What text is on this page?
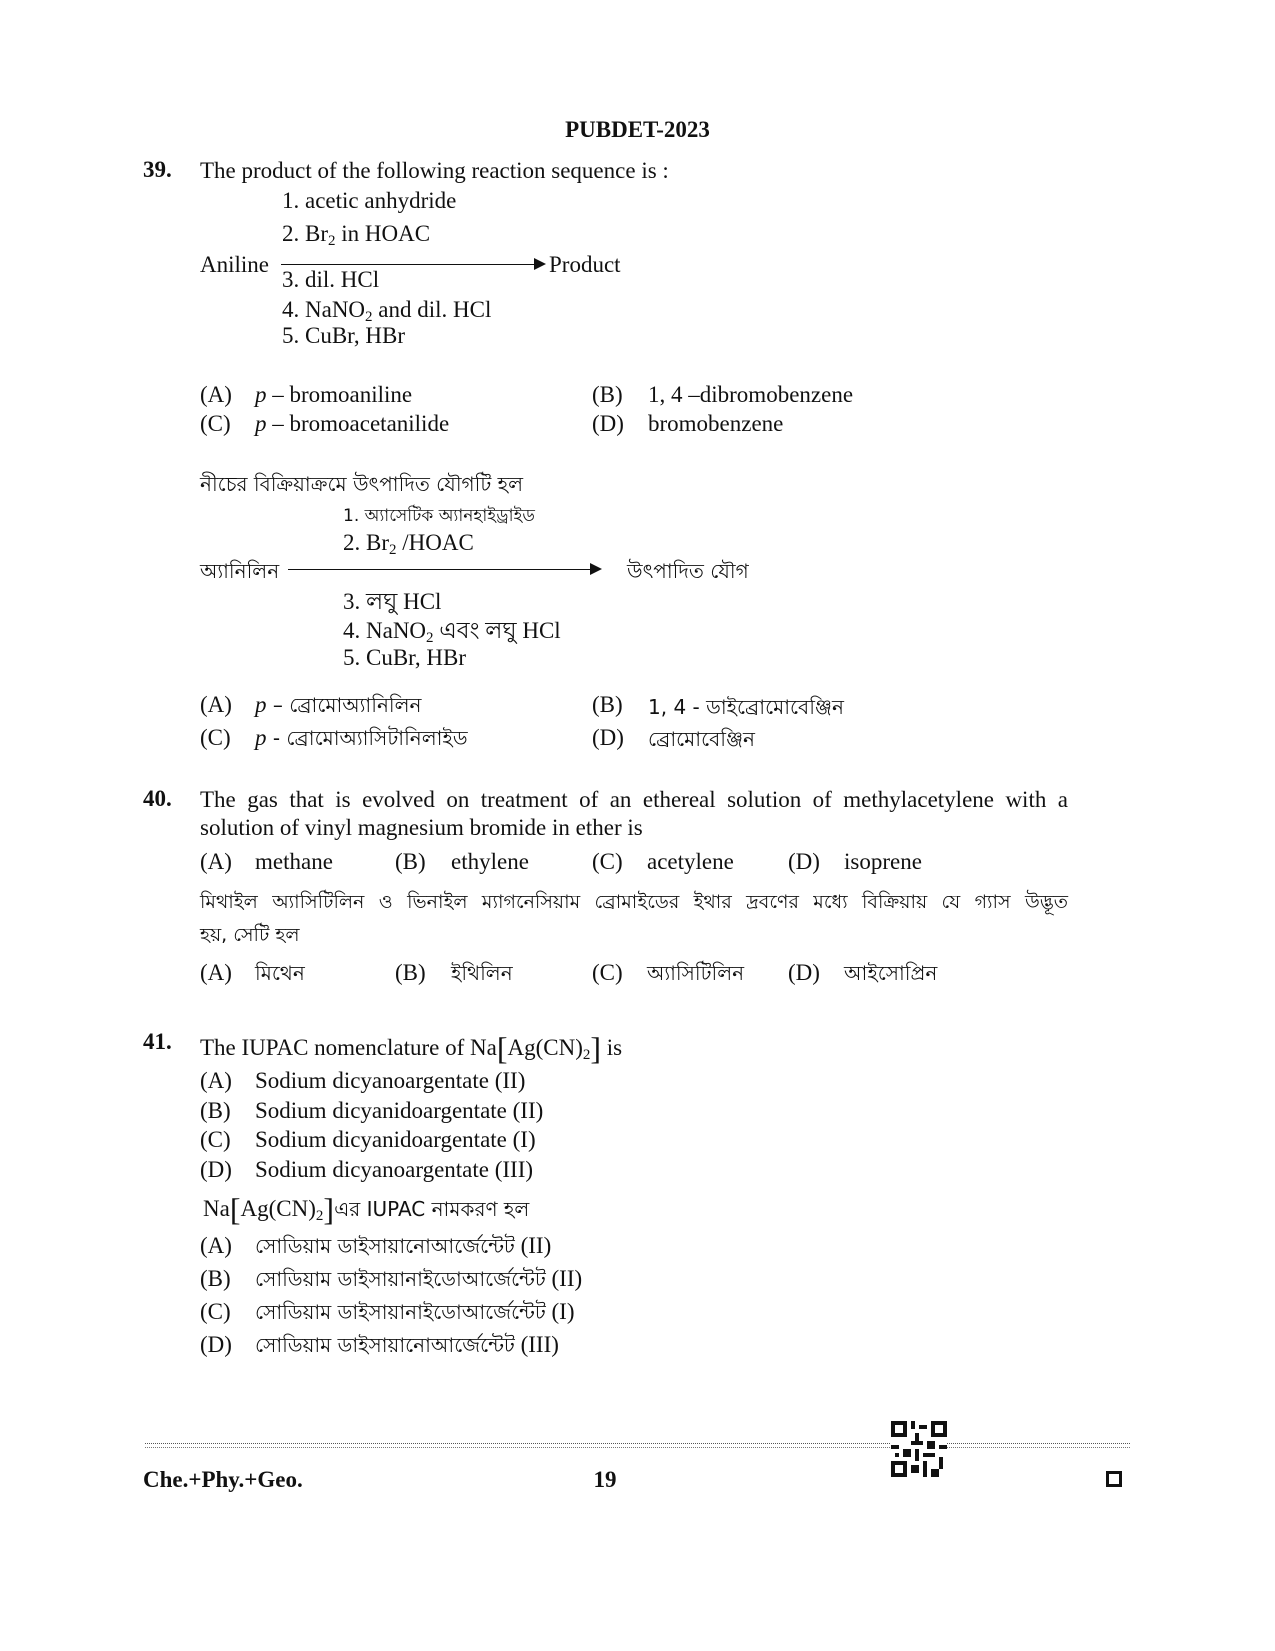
PUBDET-2023
39. The product of the following reaction sequence is :
1. acetic anhydride
2. $Br_2$ in HOAC
Aniline	Product
3. dil. HCl
4. NaNO$_2$ and dil. HCl
5. CuBr, HBr
(A) p – bromoaniline	(B) 1, 4 –dibromobenzene
(C) p – bromoacetanilide	(D) bromobenzene
নীচের বিক্রিয়াক্রমে উৎপাদিত যৌগটি হল
1. অ্যাসেটিক অ্যানহাইড্রাইড
2. $Br_2$ /HOAC
অ্যানিলিন	উৎপাদিত যৌগ
3. লঘু HCl
4. NaNO$_2$ এবং লঘু HCl
5. CuBr, HBr
(A) p – ব্রোমোঅ্যানিলিন	(B) 1, 4 - ডাইব্রোমোবেঞ্জিন
(C) p - ব্রোমোঅ্যাসিটানিলাইড	(D) ব্রোমোবেঞ্জিন
40. The gas that is evolved on treatment of an ethereal solution of methylacetylene with a
solution of vinyl magnesium bromide in ether is
(A) methane	(B) ethylene	(C) acetylene (D) isoprene
মিথাইল অ্যাসিটিলিন ও ভিনাইল ম্যাগনেসিয়াম ব্রোমাইডের ইথার দ্রবণের মধ্যে বিক্রিয়ায় যে গ্যাস উদ্ভূত
হয়, সেটি হল
(A) মিথেন	(B) ইথিলিন	(C) অ্যাসিটিলিন (D) আইসোপ্রিন
41. The IUPAC nomenclature of $Na[Ag(CN)_2]$ is
(A) Sodium dicyanoargentate (II)
(B) Sodium dicyanidoargentate (II)
(C) Sodium dicyanidoargentate (I)
(D) Sodium dicyanoargentate (III)
$Na[Ag(CN)_2]এর$ IUPAC নামকরণ হল
(A) সোডিয়াম ডাইসায়ানোআর্জেন্টেট (II)
(B) সোডিয়াম ডাইসায়ানাইডোআর্জেন্টেট (II)
(C) সোডিয়াম ডাইসায়ানাইডোআর্জেন্টেট (I)
(D) সোডিয়াম ডাইসায়ানোআর্জেন্টেট (III)
Che.+Phy.+Geo.	19
